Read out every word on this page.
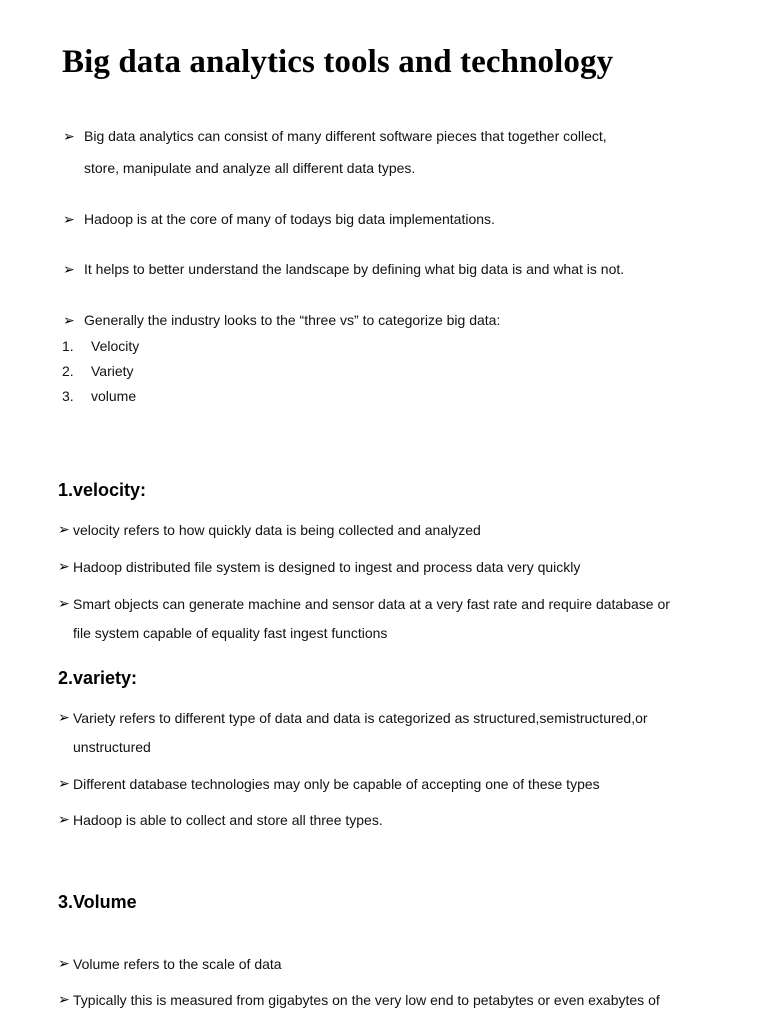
Big data analytics tools and technology
➢ Big data analytics can consist of many different software pieces that together collect,
store, manipulate and analyze all different data types.
➢ Hadoop is at the core of many of todays big data implementations.
➢ It helps to better understand the landscape by defining what big data is and what is not.
➢ Generally the industry looks to the “three vs” to categorize big data:
1. Velocity
2. Variety
3. volume
1.velocity:
➢ velocity refers to how quickly data is being collected and analyzed
➢ Hadoop distributed file system is designed to ingest and process data very quickly
➢ Smart objects can generate machine and sensor data at a very fast rate and require database or
file system capable of equality fast ingest functions
2.variety:
➢ Variety refers to different type of data and data is categorized as structured,semistructured,or
unstructured
➢ Different database technologies may only be capable of accepting one of these types
➢ Hadoop is able to collect and store all three types.
3.Volume
➢ Volume refers to the scale of data
➢ Typically this is measured from gigabytes on the very low end to petabytes or even exabytes of
